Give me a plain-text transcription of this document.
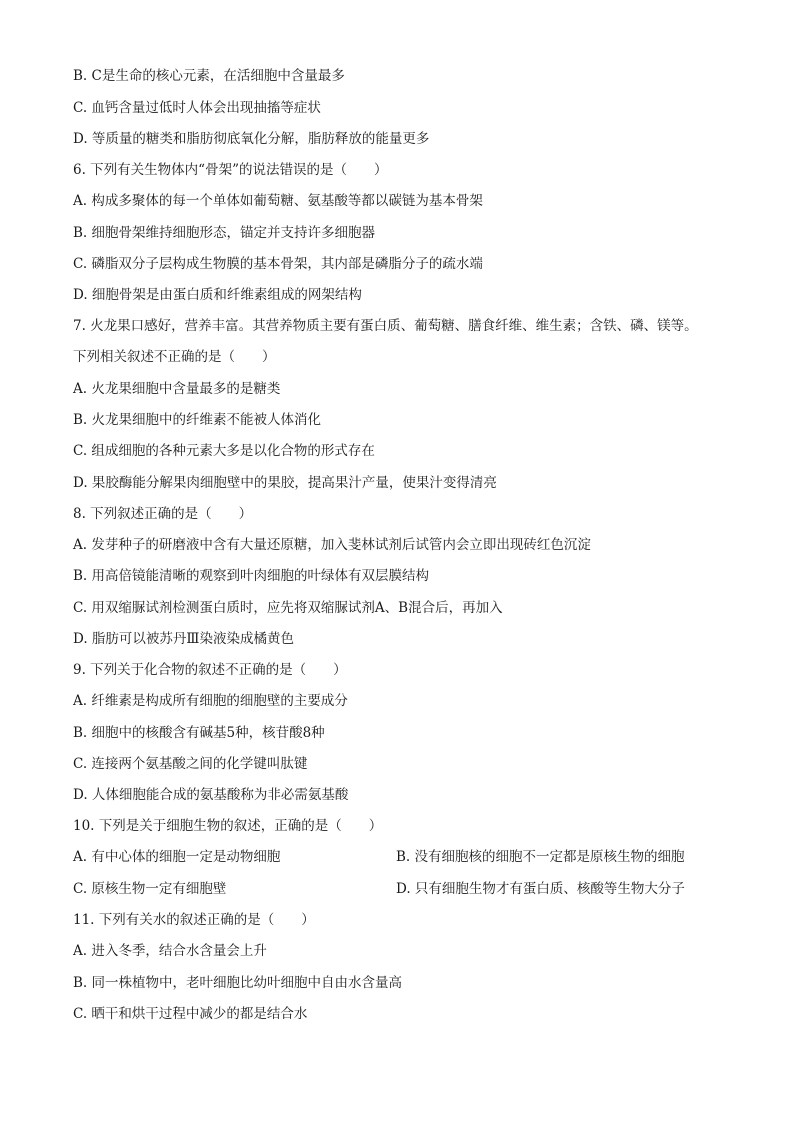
B. C是生命的核心元素，在活细胞中含量最多
C. 血钙含量过低时人体会出现抽搐等症状
D. 等质量的糖类和脂肪彻底氧化分解，脂肪释放的能量更多
6. 下列有关生物体内“骨架”的说法错误的是（　　）
A. 构成多聚体的每一个单体如葡萄糖、氨基酸等都以碳链为基本骨架
B. 细胞骨架维持细胞形态，锚定并支持许多细胞器
C. 磷脂双分子层构成生物膜的基本骨架，其内部是磷脂分子的疏水端
D. 细胞骨架是由蛋白质和纤维素组成的网架结构
7. 火龙果口感好，营养丰富。其营养物质主要有蛋白质、葡萄糖、膳食纤维、维生素；含铁、磷、镁等。
下列相关叙述不正确的是（　　）
A. 火龙果细胞中含量最多的是糖类
B. 火龙果细胞中的纤维素不能被人体消化
C. 组成细胞的各种元素大多是以化合物的形式存在
D. 果胶酶能分解果肉细胞壁中的果胶，提高果汁产量，使果汁变得清亮
8. 下列叙述正确的是（　　）
A. 发芽种子的研磨液中含有大量还原糖，加入斐林试剂后试管内会立即出现砖红色沉淀
B. 用高倍镜能清晰的观察到叶肉细胞的叶绿体有双层膜结构
C. 用双缩脲试剂检测蛋白质时，应先将双缩脲试剂A、B混合后，再加入
D. 脂肪可以被苏丹Ⅲ染液染成橘黄色
9. 下列关于化合物的叙述不正确的是（　　）
A. 纤维素是构成所有细胞的细胞壁的主要成分
B. 细胞中的核酸含有碱基5种，核苷酸8种
C. 连接两个氨基酸之间的化学键叫肽键
D. 人体细胞能合成的氨基酸称为非必需氨基酸
10. 下列是关于细胞生物的叙述，正确的是（　　）
A. 有中心体的细胞一定是动物细胞	B. 没有细胞核的细胞不一定都是原核生物的细胞
C. 原核生物一定有细胞壁	D. 只有细胞生物才有蛋白质、核酸等生物大分子
11. 下列有关水的叙述正确的是（　　）
A. 进入冬季，结合水含量会上升
B. 同一株植物中，老叶细胞比幼叶细胞中自由水含量高
C. 晒干和烘干过程中减少的都是结合水
